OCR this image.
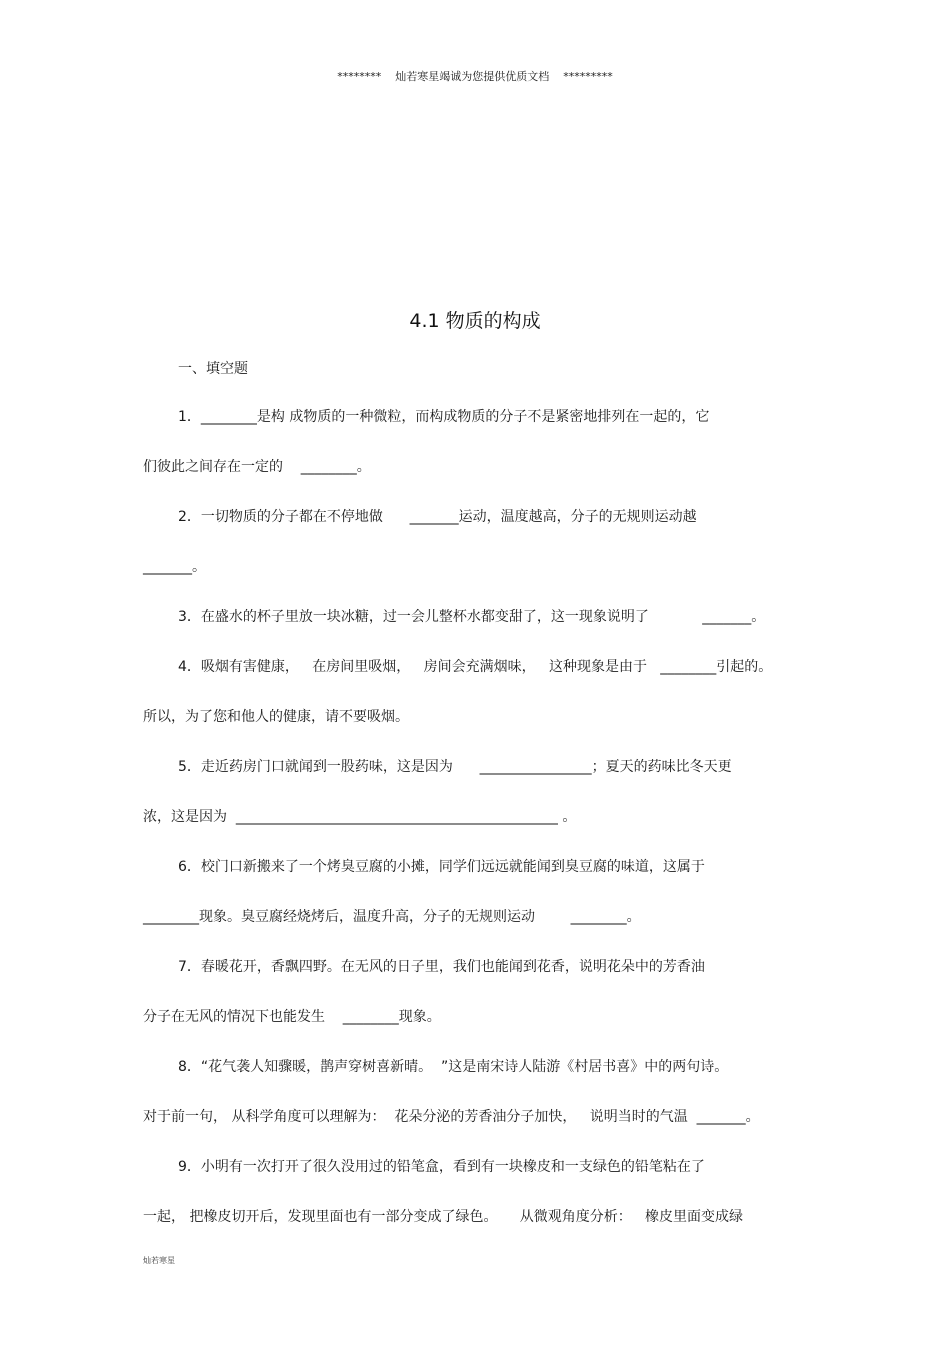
********    灿若寒星竭诚为您提供优质文档    *********
4.1 物质的构成
一、填空题
1．________是构 成物质的一种微粒，而构成物质的分子不是紧密地排列在一起的，它
们彼此之间存在一定的    ________。
2．一切物质的分子都在不停地做      _______运动，温度越高，分子的无规则运动越
_______。
3．在盛水的杯子里放一块冰糖，过一会儿整杯水都变甜了，这一现象说明了            _______。
4．吸烟有害健康，   在房间里吸烟，   房间会充满烟味，   这种现象是由于   ________引起的。
所以，为了您和他人的健康，请不要吸烟。
5．走近药房门口就闻到一股药味，这是因为      ________________；夏天的药味比冬天更
浓，这是因为  ______________________________________________ 。
6．校门口新搬来了一个烤臭豆腐的小摊，同学们远远就能闻到臭豆腐的味道，这属于
________现象。臭豆腐经烧烤后，温度升高，分子的无规则运动        ________。
7．春暖花开，香飘四野。在无风的日子里，我们也能闻到花香，说明花朵中的芳香油
分子在无风的情况下也能发生    ________现象。
8．“花气袭人知骤暖，鹊声穿树喜新晴。  ”这是南宋诗人陆游《村居书喜》中的两句诗。
对于前一句， 从科学角度可以理解为：  花朵分泌的芳香油分子加快，   说明当时的气温  _______。
9．小明有一次打开了很久没用过的铅笔盒，看到有一块橡皮和一支绿色的铅笔粘在了
一起， 把橡皮切开后，发现里面也有一部分变成了绿色。     从微观角度分析：   橡皮里面变成绿
灿若寒星
